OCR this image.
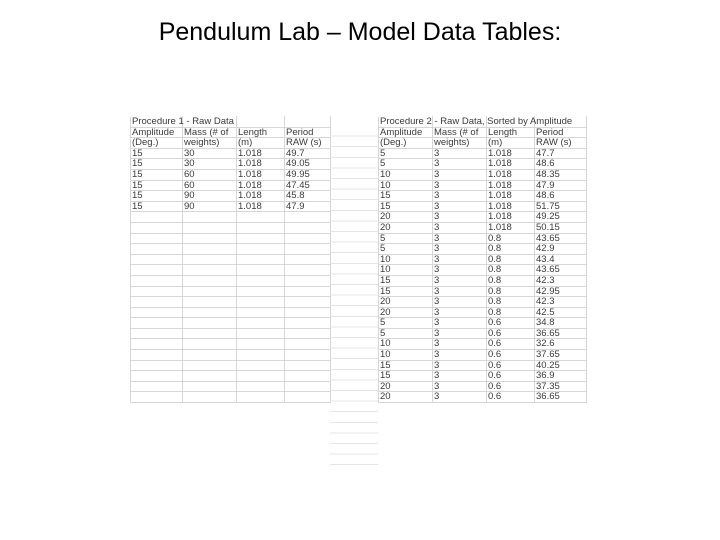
Pendulum Lab – Model Data Tables:
Procedure 1 - Raw Data			
Amplitude	Mass (# of	Length	Period
(Deg.)	weights)	(m)	RAW (s)
15	30	1.018	49.7
15	30	1.018	49.05
15	60	1.018	49.95
15	60	1.018	47.45
15	90	1.018	45.8
15	90	1.018	47.9

Procedure 2 - Raw Data, Sorted by Amplitude			
Amplitude	Mass (# of	Length	Period
(Deg.)	weights)	(m)	RAW (s)
5	3	1.018	47.7
5	3	1.018	48.6
10	3	1.018	48.35
10	3	1.018	47.9
15	3	1.018	48.6
15	3	1.018	51.75
20	3	1.018	49.25
20	3	1.018	50.15
5	3	0.8	43.65
5	3	0.8	42.9
10	3	0.8	43.4
10	3	0.8	43.65
15	3	0.8	42.3
15	3	0.8	42.95
20	3	0.8	42.3
20	3	0.8	42.5
5	3	0.6	34.8
5	3	0.6	36.65
10	3	0.6	32.6
10	3	0.6	37.65
15	3	0.6	40.25
15	3	0.6	36.9
20	3	0.6	37.35
20	3	0.6	36.65
